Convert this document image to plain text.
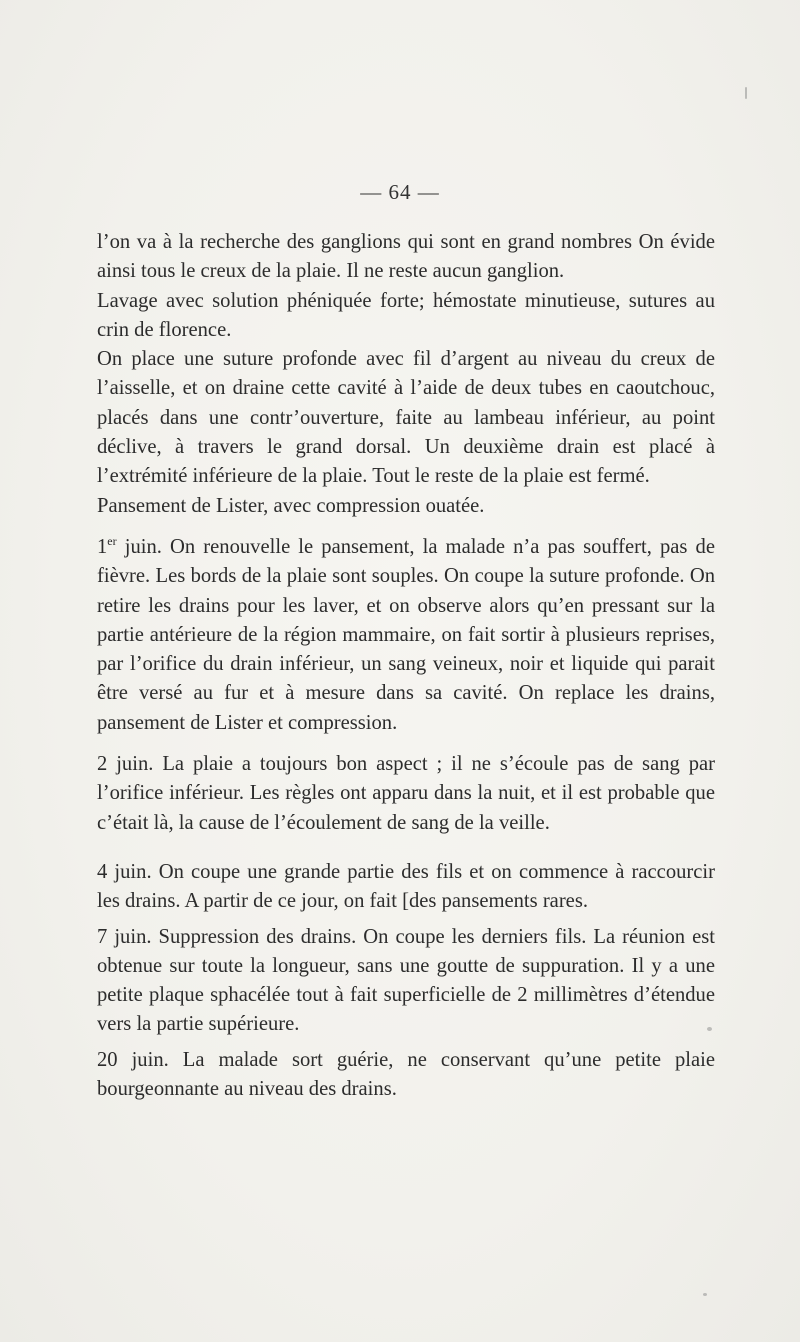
— 64 —

l’on va à la recherche des ganglions qui sont en grand nombres On évide ainsi tous le creux de la plaie. Il ne reste aucun ganglion.

Lavage avec solution phéniquée forte; hémostate minutieuse, sutures au crin de florence.

On place une suture profonde avec fil d’argent au niveau du creux de l’aisselle, et on draine cette cavité à l’aide de deux tubes en caoutchouc, placés dans une contr’ouverture, faite au lambeau inférieur, au point déclive, à travers le grand dorsal. Un deuxième drain est placé à l’extrémité inférieure de la plaie. Tout le reste de la plaie est fermé.

Pansement de Lister, avec compression ouatée.

1er juin. On renouvelle le pansement, la malade n’a pas souffert, pas de fièvre. Les bords de la plaie sont souples. On coupe la suture profonde. On retire les drains pour les laver, et on observe alors qu’en pressant sur la partie antérieure de la région mammaire, on fait sortir à plusieurs reprises, par l’orifice du drain inférieur, un sang veineux, noir et liquide qui parait être versé au fur et à mesure dans sa cavité. On replace les drains, pansement de Lister et compression.

2 juin. La plaie a toujours bon aspect ; il ne s’écoule pas de sang par l’orifice inférieur. Les règles ont apparu dans la nuit, et il est probable que c’était là, la cause de l’écoulement de sang de la veille.

4 juin. On coupe une grande partie des fils et on commence à raccourcir les drains. A partir de ce jour, on fait [des pansements rares.

7 juin. Suppression des drains. On coupe les derniers fils. La réunion est obtenue sur toute la longueur, sans une goutte de suppuration. Il y a une petite plaque sphacélée tout à fait superficielle de 2 millimètres d’étendue vers la partie supérieure.

20 juin. La malade sort guérie, ne conservant qu’une petite plaie bourgeonnante au niveau des drains.
